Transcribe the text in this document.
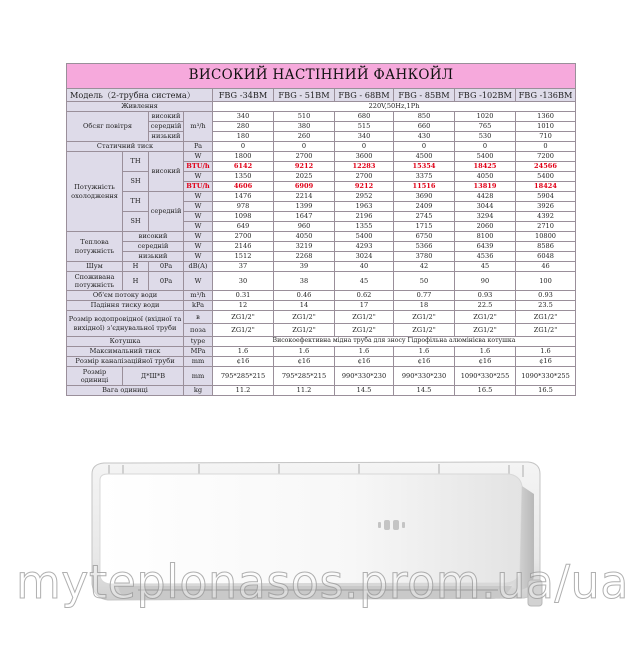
ВИСОКИЙ НАСТІННИЙ ФАНКОЙЛ									
Модель（2-трубна система）				FBG -34BM	FBG - 51BM	FBG - 68BM	FBG - 85BM	FBG -102BM	FBG -136BM
Живлення				220V,50Hz,1Ph					
Обсяг повітря		високий	m³/h	340	510	680	850	1020	1360
		середній		280	380	515	660	765	1010
		низький		180	260	340	430	530	710
Статичний тиск			Pa	0	0	0	0	0	0
Потужність охолодження	TH	високий	W	1800	2700	3600	4500	5400	7200
			BTU/h	6142	9212	12283	15354	18425	24566
	SH		W	1350	2025	2700	3375	4050	5400
			BTU/h	4606	6909	9212	11516	13819	18424
	TH	середній	W	1476	2214	2952	3690	4428	5904
			W	978	1399	1963	2409	3044	3926
	SH		W	1098	1647	2196	2745	3294	4392
			W	649	960	1355	1715	2060	2710
Теплова потужність	високий		W	2700	4050	5400	6750	8100	10800
	середній		W	2146	3219	4293	5366	6439	8586
	низький		W	1512	2268	3024	3780	4536	6048
Шум	H	0Pa	dB(A)	37	39	40	42	45	46
Споживана потужність	H	0Pa	W	30	38	45	50	90	100
Об'єм потоку води			m³/h	0.31	0.46	0.62	0.77	0.93	0.93
Падіння тиску води			kPa	12	14	17	18	22.5	23.5
Розмір водопровідної (вхідної та вихідної) з'єднувальної труби			в	ZG1/2"	ZG1/2"	ZG1/2"	ZG1/2"	ZG1/2"	ZG1/2"
			поза	ZG1/2"	ZG1/2"	ZG1/2"	ZG1/2"	ZG1/2"	ZG1/2"
Котушка			type	Високоефективна мідна труба для зносу Гідрофільна алюмінієва котушка					
Максимальний тиск			MPa	1.6	1.6	1.6	1.6	1.6	1.6
Розмір каналізаційної труби			mm	¢16	¢16	¢16	¢16	¢16	¢16
Розмір одиниці	Д*Ш*В		mm	795*285*215	795*285*215	990*330*230	990*330*230	1090*330*255	1090*330*255
Вага одиниці			kg	11.2	11.2	14.5	14.5	16.5	16.5
myteplonasos.prom.ua/ua
